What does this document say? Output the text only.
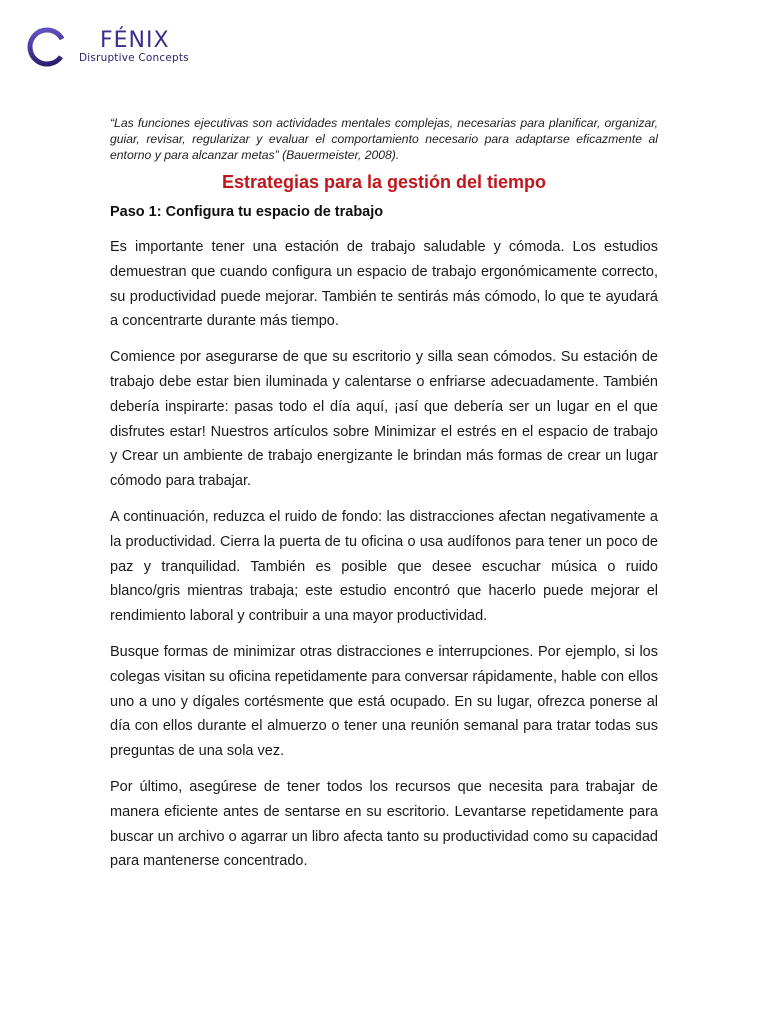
FÉNIX
Disruptive Concepts

“Las funciones ejecutivas son actividades mentales complejas, necesarias para planificar, organizar, guiar, revisar, regularizar y evaluar el comportamiento necesario para adaptarse eficazmente al entorno y para alcanzar metas” (Bauermeister, 2008).

Estrategias para la gestión del tiempo
Paso 1: Configura tu espacio de trabajo

Es importante tener una estación de trabajo saludable y cómoda. Los estudios demuestran que cuando configura un espacio de trabajo ergonómicamente correcto, su productividad puede mejorar. También te sentirás más cómodo, lo que te ayudará a concentrarte durante más tiempo.

Comience por asegurarse de que su escritorio y silla sean cómodos. Su estación de trabajo debe estar bien iluminada y calentarse o enfriarse adecuadamente. También debería inspirarte: pasas todo el día aquí, ¡así que debería ser un lugar en el que disfrutes estar! Nuestros artículos sobre Minimizar el estrés en el espacio de trabajo y Crear un ambiente de trabajo energizante le brindan más formas de crear un lugar cómodo para trabajar.

A continuación, reduzca el ruido de fondo: las distracciones afectan negativamente a la productividad. Cierra la puerta de tu oficina o usa audífonos para tener un poco de paz y tranquilidad. También es posible que desee escuchar música o ruido blanco/gris mientras trabaja; este estudio encontró que hacerlo puede mejorar el rendimiento laboral y contribuir a una mayor productividad.

Busque formas de minimizar otras distracciones e interrupciones. Por ejemplo, si los colegas visitan su oficina repetidamente para conversar rápidamente, hable con ellos uno a uno y dígales cortésmente que está ocupado. En su lugar, ofrezca ponerse al día con ellos durante el almuerzo o tener una reunión semanal para tratar todas sus preguntas de una sola vez.

Por último, asegúrese de tener todos los recursos que necesita para trabajar de manera eficiente antes de sentarse en su escritorio. Levantarse repetidamente para buscar un archivo o agarrar un libro afecta tanto su productividad como su capacidad para mantenerse concentrado.
